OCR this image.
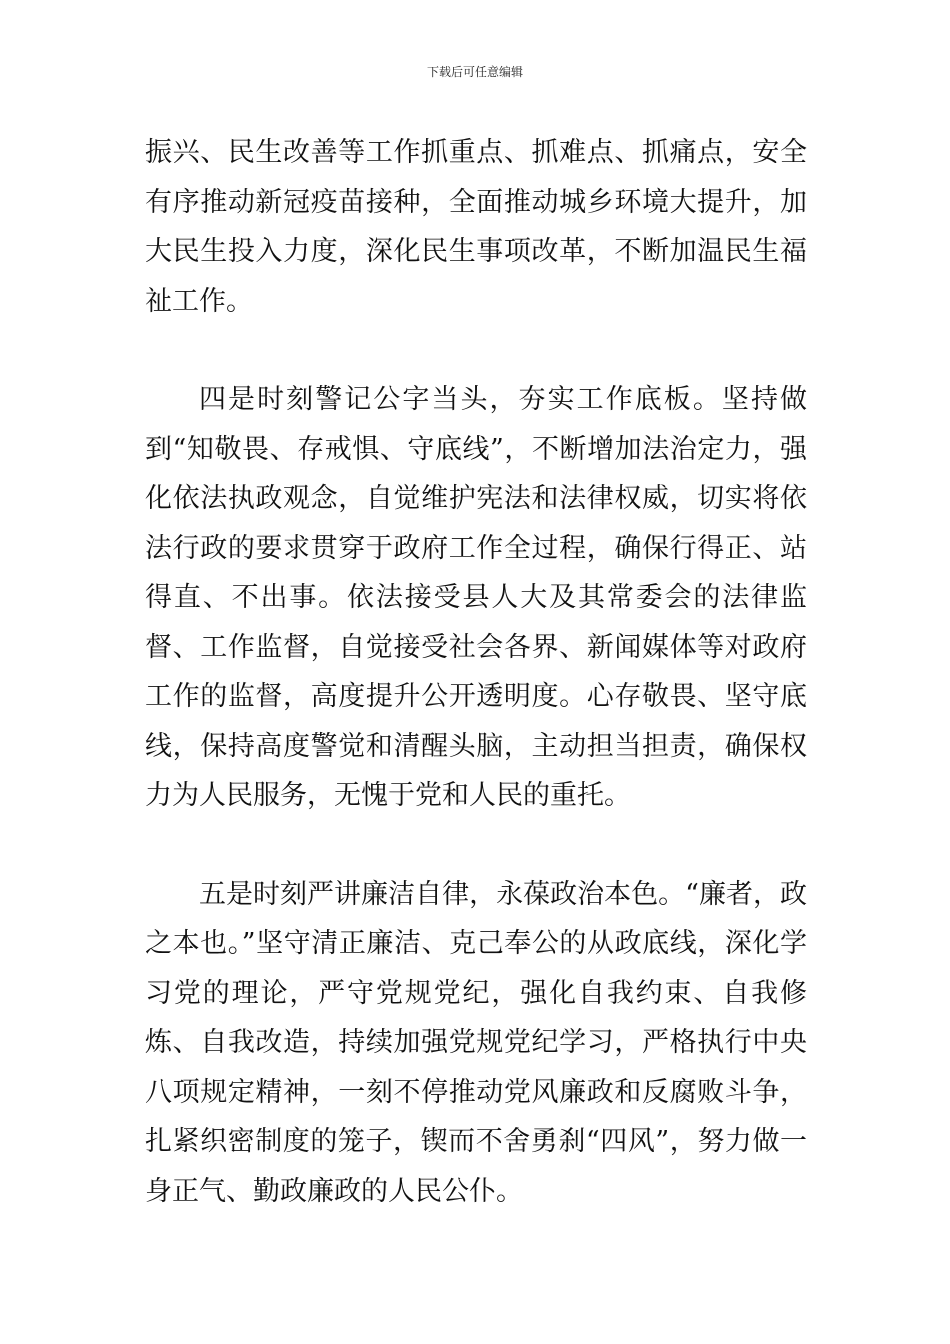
下载后可任意编辑

振兴、民生改善等工作抓重点、抓难点、抓痛点，安全有序推动新冠疫苗接种，全面推动城乡环境大提升，加大民生投入力度，深化民生事项改革，不断加温民生福祉工作。

四是时刻警记公字当头，夯实工作底板。坚持做到“知敬畏、存戒惧、守底线”，不断增加法治定力，强化依法执政观念，自觉维护宪法和法律权威，切实将依法行政的要求贯穿于政府工作全过程，确保行得正、站得直、不出事。依法接受县人大及其常委会的法律监督、工作监督，自觉接受社会各界、新闻媒体等对政府工作的监督，高度提升公开透明度。心存敬畏、坚守底线，保持高度警觉和清醒头脑，主动担当担责，确保权力为人民服务，无愧于党和人民的重托。

五是时刻严讲廉洁自律，永葆政治本色。“廉者，政之本也。”坚守清正廉洁、克己奉公的从政底线，深化学习党的理论，严守党规党纪，强化自我约束、自我修炼、自我改造，持续加强党规党纪学习，严格执行中央八项规定精神，一刻不停推动党风廉政和反腐败斗争，扎紧织密制度的笼子，锲而不舍勇刹“四风”，努力做一身正气、勤政廉政的人民公仆。
